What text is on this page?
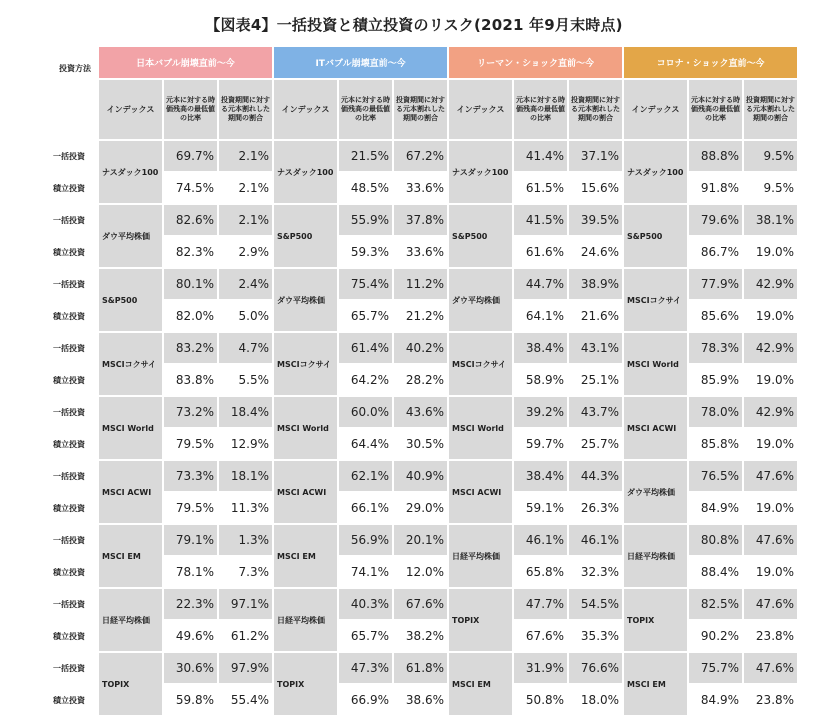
【図表4】一括投資と積立投資のリスク(2021 年9月末時点)
投資方法	日本バブル崩壊直前～今			ITバブル崩壊直前～今			リーマン・ショック直前～今			コロナ・ショック直前～今		
	インデックス	元本に対する時価残高の最低値の比率	投資期間に対する元本割れした期間の割合	インデックス	元本に対する時価残高の最低値の比率	投資期間に対する元本割れした期間の割合	インデックス	元本に対する時価残高の最低値の比率	投資期間に対する元本割れした期間の割合	インデックス	元本に対する時価残高の最低値の比率	投資期間に対する元本割れした期間の割合
一括投資	ナスダック100	69.7%	2.1%	ナスダック100	21.5%	67.2%	ナスダック100	41.4%	37.1%	ナスダック100	88.8%	9.5%
積立投資		74.5%	2.1%		48.5%	33.6%		61.5%	15.6%		91.8%	9.5%
一括投資	ダウ平均株価	82.6%	2.1%	S&P500	55.9%	37.8%	S&P500	41.5%	39.5%	S&P500	79.6%	38.1%
積立投資		82.3%	2.9%		59.3%	33.6%		61.6%	24.6%		86.7%	19.0%
一括投資	S&P500	80.1%	2.4%	ダウ平均株価	75.4%	11.2%	ダウ平均株価	44.7%	38.9%	MSCIコクサイ	77.9%	42.9%
積立投資		82.0%	5.0%		65.7%	21.2%		64.1%	21.6%		85.6%	19.0%
一括投資	MSCIコクサイ	83.2%	4.7%	MSCIコクサイ	61.4%	40.2%	MSCIコクサイ	38.4%	43.1%	MSCI World	78.3%	42.9%
積立投資		83.8%	5.5%		64.2%	28.2%		58.9%	25.1%		85.9%	19.0%
一括投資	MSCI World	73.2%	18.4%	MSCI World	60.0%	43.6%	MSCI World	39.2%	43.7%	MSCI ACWI	78.0%	42.9%
積立投資		79.5%	12.9%		64.4%	30.5%		59.7%	25.7%		85.8%	19.0%
一括投資	MSCI ACWI	73.3%	18.1%	MSCI ACWI	62.1%	40.9%	MSCI ACWI	38.4%	44.3%	ダウ平均株価	76.5%	47.6%
積立投資		79.5%	11.3%		66.1%	29.0%		59.1%	26.3%		84.9%	19.0%
一括投資	MSCI EM	79.1%	1.3%	MSCI EM	56.9%	20.1%	日経平均株価	46.1%	46.1%	日経平均株価	80.8%	47.6%
積立投資		78.1%	7.3%		74.1%	12.0%		65.8%	32.3%		88.4%	19.0%
一括投資	日経平均株価	22.3%	97.1%	日経平均株価	40.3%	67.6%	TOPIX	47.7%	54.5%	TOPIX	82.5%	47.6%
積立投資		49.6%	61.2%		65.7%	38.2%		67.6%	35.3%		90.2%	23.8%
一括投資	TOPIX	30.6%	97.9%	TOPIX	47.3%	61.8%	MSCI EM	31.9%	76.6%	MSCI EM	75.7%	47.6%
積立投資		59.8%	55.4%		66.9%	38.6%		50.8%	18.0%		84.9%	23.8%
